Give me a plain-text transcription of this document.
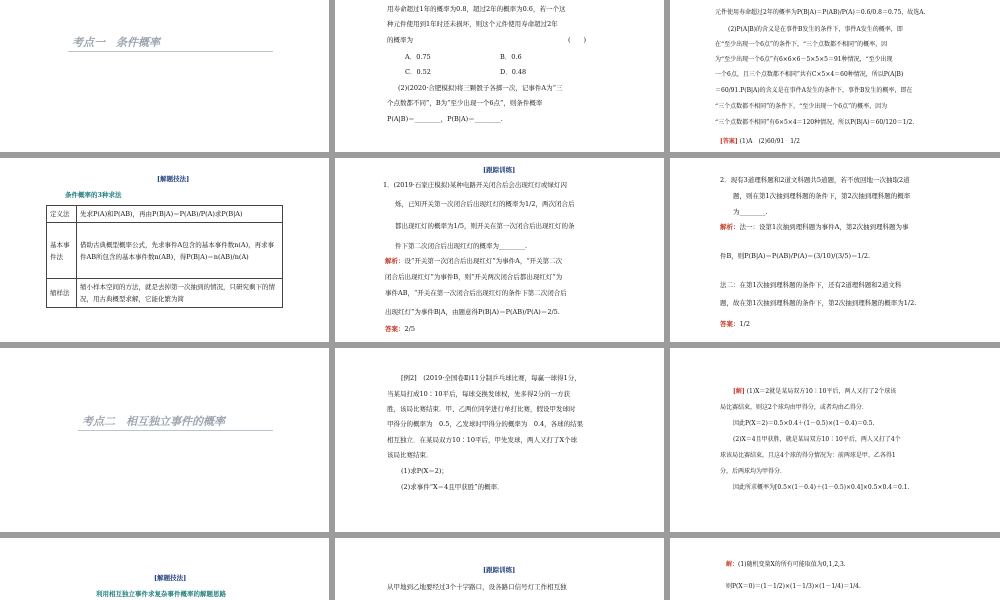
考点一　条件概率
用寿命超过1年的概率为0.8，超过2年的概率为0.6，若一个这
种元件使用到1年时还未损坏，则这个元件使用寿命超过2年
的概率为	(　　)
A．0.75	B．0.6
C．0.52	D．0.48
(2)(2020·合肥模拟)将三颗骰子各掷一次，记事件A为“三
个点数都不同”，B为“至少出现一个6点”，则条件概率
P(A|B)＝________，P(B|A)＝________.
元件使用寿命超过2年的概率为P(B|A)＝P(AB)/P(A)＝0.6/0.8＝0.75，故选A.
(2)P(A|B)的含义是在事件B发生的条件下，事件A发生的概率，即
在“至少出现一个6点”的条件下，“三个点数都不相同”的概率，因
为“至少出现一个6点”有6×6×6－5×5×5＝91种情况，“至少出现
一个6点，且三个点数都不相同”共有C×5×4＝60种情况，所以P(A|B)
＝60/91.P(B|A)的含义是在事件A发生的条件下，事件B发生的概率，即在
“三个点数都不相同”的条件下，“至少出现一个6点”的概率，因为
“三个点数都不相同”有6×5×4＝120种情况，所以P(B|A)＝60/120＝1/2.
[答案] (1)A　(2)60/91　1/2
[解题技法]
条件概率的3种求法
定义法	先求P(A)和P(AB)，再由P(B|A)＝P(AB)/P(A)求P(B|A)
基本事件法	借助古典概型概率公式，先求事件A包含的基本事件数n(A)，再求事件AB所包含的基本事件数n(AB)，得P(B|A)＝n(AB)/n(A)
缩样法	缩小样本空间的方法，就是去掉第一次抽到的情况，只研究剩下的情况，用古典概型求解，它能化繁为简
[跟踪训练]
1．(2019·石家庄模拟)某种电路开关闭合后会出现红灯或绿灯闪
烁，已知开关第一次闭合后出现红灯的概率为1/2，两次闭合后
都出现红灯的概率为1/5，则开关在第一次闭合后出现红灯的条
件下第二次闭合后出现红灯的概率为________.
解析：设“开关第一次闭合后出现红灯”为事件A，“开关第二次
闭合后出现红灯”为事件B，则“开关两次闭合后都出现红灯”为
事件AB，“开关在第一次闭合后出现红灯的条件下第二次闭合后
出现红灯”为事件B|A，由题意得P(B|A)＝P(AB)/P(A)＝2/5.
答案：2/5
2．现有3道理科题和2道文科题共5道题，若不放回地一次抽取2道
题，则在第1次抽到理科题的条件下，第2次抽到理科题的概率
为________.
解析：法一：设第1次抽到理科题为事件A，第2次抽到理科题为事
件B，则P(B|A)＝P(AB)/P(A)＝(3/10)/(3/5)＝1/2.
法二：在第1次抽到理科题的条件下，还有2道理科题和2道文科
题，故在第1次抽到理科题的条件下，第2次抽到理科题的概率为1/2.
答案：1/2
考点二　相互独立事件的概率
[例2]　(2019·全国卷Ⅱ)11分制乒乓球比赛，每赢一球得1分，
当某局打成10∶10平后，每球交换发球权，先多得2分的一方获
胜，该局比赛结束．甲、乙两位同学进行单打比赛，假设甲发球时
甲得分的概率为　0.5，乙发球时甲得分的概率为　0.4，各球的结果
相互独立．在某局双方10∶10平后，甲先发球，两人又打了X个球
该局比赛结束．
(1)求P(X＝2)；
(2)求事件“X＝4且甲获胜”的概率．
[解] (1)X＝2就是某局双方10∶10平后，两人又打了2个球该
局比赛结束，则这2个球均由甲得分，或者均由乙得分．
因此P(X＝2)＝0.5×0.4＋(1－0.5)×(1－0.4)＝0.5.
(2)X＝4且甲获胜，就是某局双方10∶10平后，两人又打了4个
球该局比赛结束，且这4个球的得分情况为：前两球是甲、乙各得1
分，后两球均为甲得分．
因此所求概率为[0.5×(1－0.4)＋(1－0.5)×0.4]×0.5×0.4＝0.1.
[解题技法]
利用相互独立事件求复杂事件概率的解题思路
[跟踪训练]
从甲地到乙地要经过3个十字路口，设各路口信号灯工作相互独
解：(1)随机变量X的所有可能取值为0,1,2,3.
则P(X＝0)＝(1－1/2)×(1－1/3)×(1－1/4)＝1/4.
